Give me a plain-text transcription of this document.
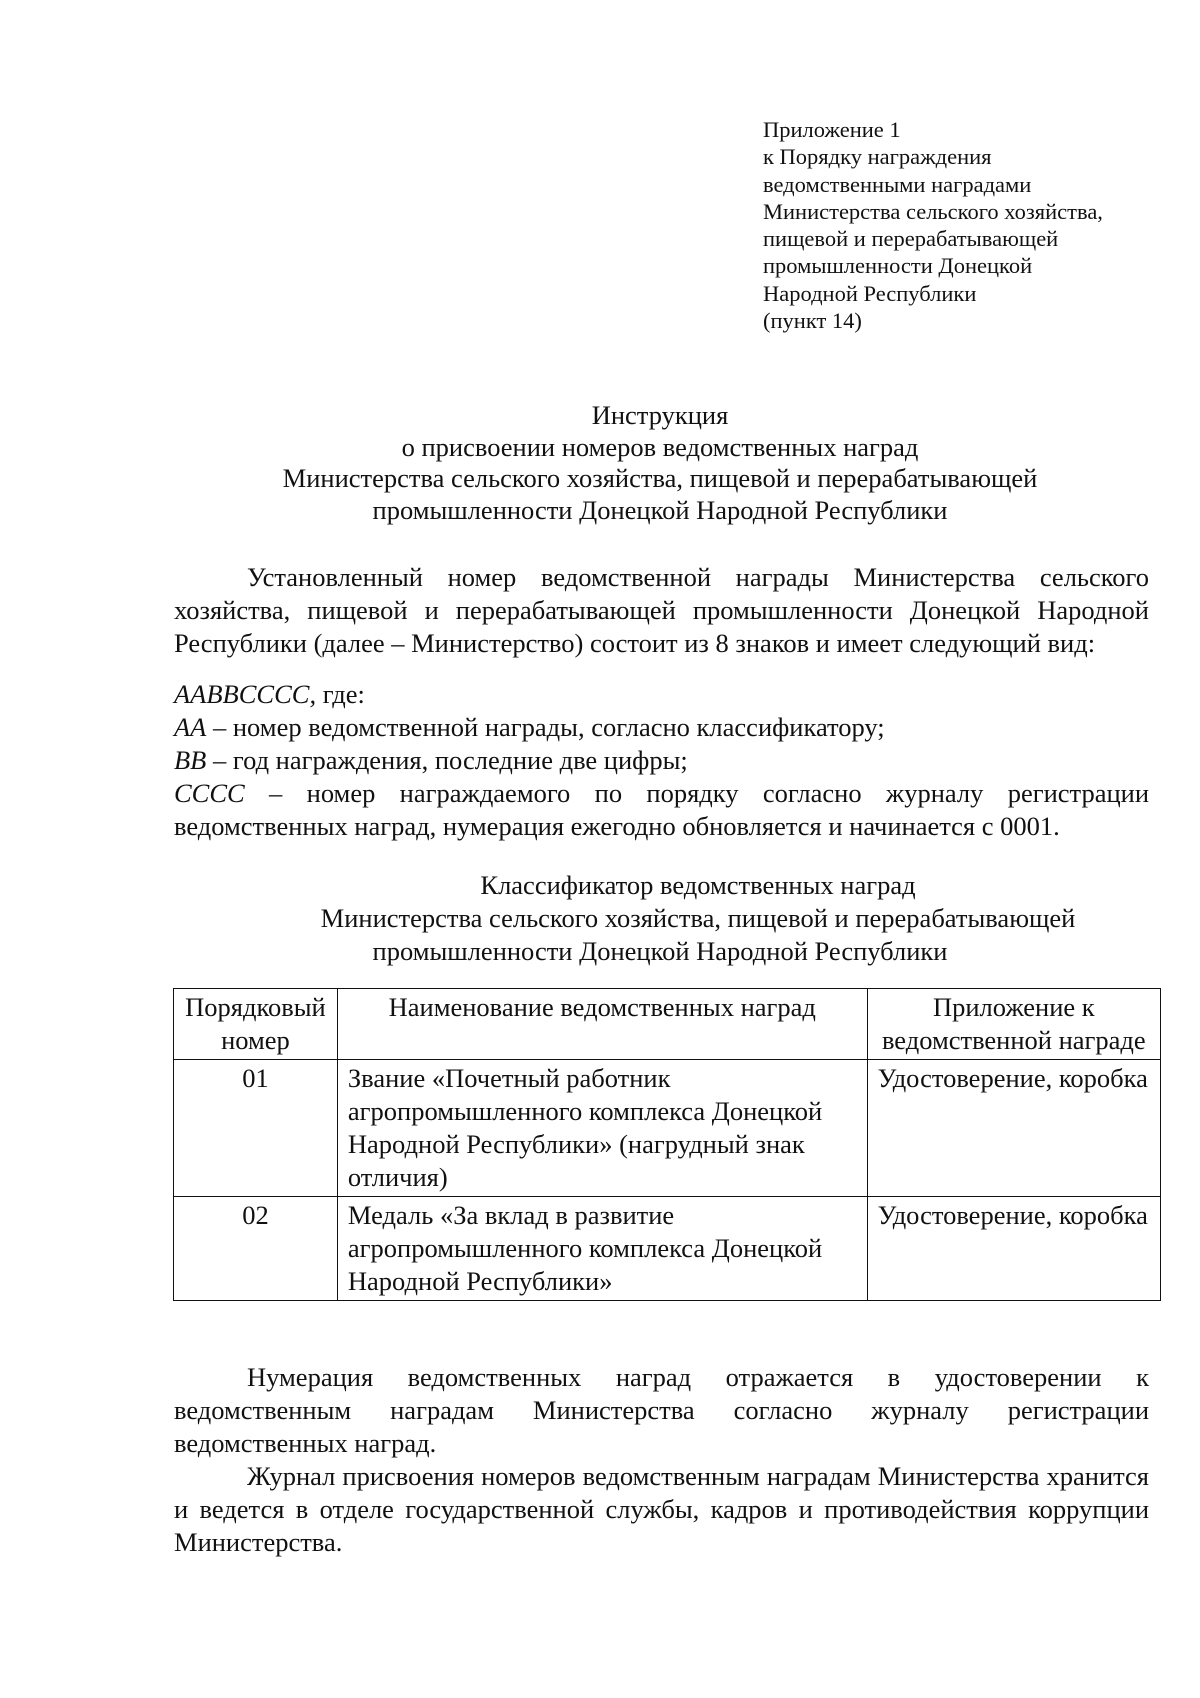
Приложение 1
к Порядку награждения
ведомственными наградами
Министерства сельского хозяйства,
пищевой и перерабатывающей
промышленности Донецкой
Народной Республики
(пункт 14)
Инструкция
о присвоении номеров ведомственных наград
Министерства сельского хозяйства, пищевой и перерабатывающей
промышленности Донецкой Народной Республики

Установленный номер ведомственной награды Министерства сельского хозяйства, пищевой и перерабатывающей промышленности Донецкой Народной Республики (далее – Министерство) состоит из 8 знаков и имеет следующий вид:

AABBCCCC, где:
AA – номер ведомственной награды, согласно классификатору;
BB – год награждения, последние две цифры;
CCCC – номер награждаемого по порядку согласно журналу регистрации ведомственных наград, нумерация ежегодно обновляется и начинается с 0001.
Классификатор ведомственных наград
Министерства сельского хозяйства, пищевой и перерабатывающей
промышленности Донецкой Народной Республики
Порядковый номер	Наименование ведомственных наград	Приложение к ведомственной награде
01	Звание «Почетный работник агропромышленного комплекса Донецкой Народной Республики» (нагрудный знак отличия)	Удостоверение, коробка
02	Медаль «За вклад в развитие агропромышленного комплекса Донецкой Народной Республики»	Удостоверение, коробка

Нумерация ведомственных наград отражается в удостоверении к ведомственным наградам Министерства согласно журналу регистрации ведомственных наград.

Журнал присвоения номеров ведомственным наградам Министерства хранится и ведется в отделе государственной службы, кадров и противодействия коррупции Министерства.
